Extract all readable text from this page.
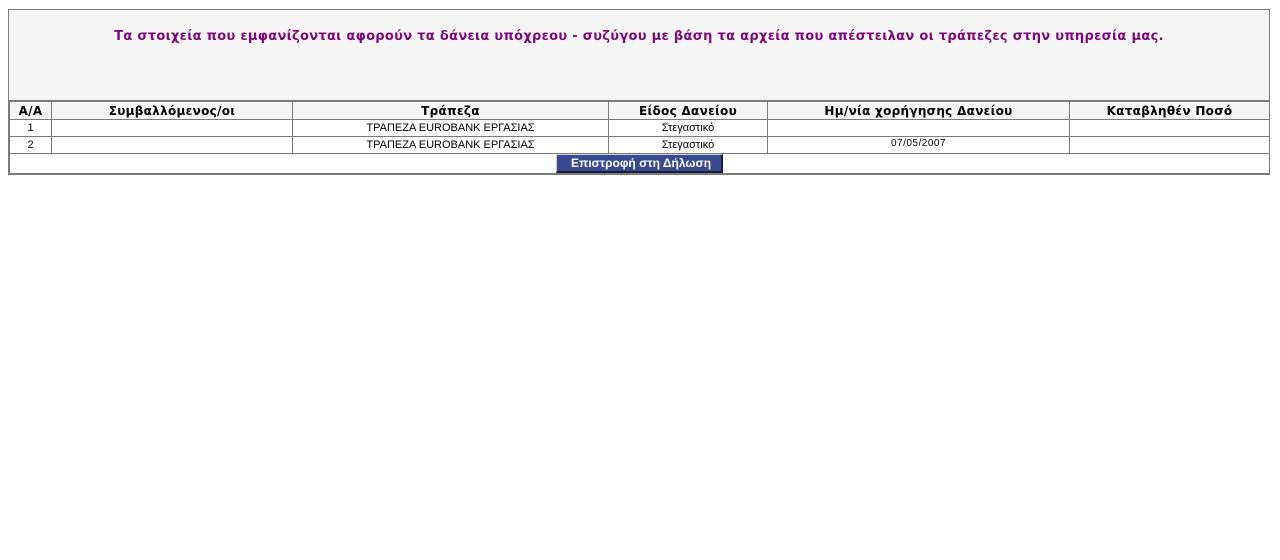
Τα στοιχεία που εμφανίζονται αφορούν τα δάνεια υπόχρεου - συζύγου με βάση τα αρχεία που απέστειλαν οι τράπεζες στην υπηρεσία μας.
Α/Α	Συμβαλλόμενος/οι	Τράπεζα	Είδος Δανείου	Ημ/νία χορήγησης Δανείου	Καταβληθέν Ποσό
1		ΤΡΑΠΕΖΑ EUROBANK ΕΡΓΑΣΙΑΣ	Στεγαστικό		
2		ΤΡΑΠΕΖΑ EUROBANK ΕΡΓΑΣΙΑΣ	Στεγαστικό	07/05/2007	
Επιστροφή στη Δήλωση					
